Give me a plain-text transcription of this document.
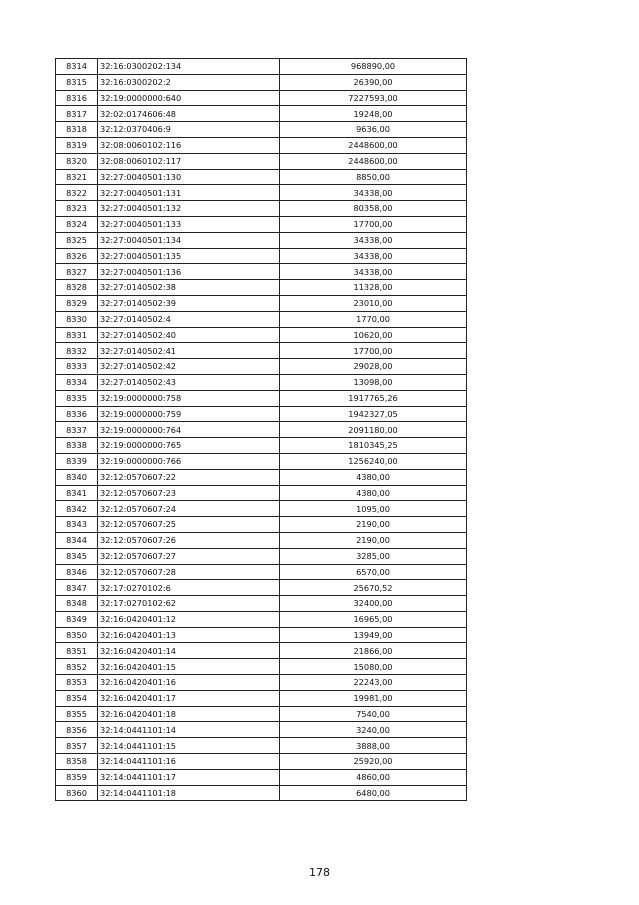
8314	32:16:0300202:134	968890,00
8315	32:16:0300202:2	26390,00
8316	32:19:0000000:640	7227593,00
8317	32:02:0174606:48	19248,00
8318	32:12:0370406:9	9636,00
8319	32:08:0060102:116	2448600,00
8320	32:08:0060102:117	2448600,00
8321	32:27:0040501:130	8850,00
8322	32:27:0040501:131	34338,00
8323	32:27:0040501:132	80358,00
8324	32:27:0040501:133	17700,00
8325	32:27:0040501:134	34338,00
8326	32:27:0040501:135	34338,00
8327	32:27:0040501:136	34338,00
8328	32:27:0140502:38	11328,00
8329	32:27:0140502:39	23010,00
8330	32:27:0140502:4	1770,00
8331	32:27:0140502:40	10620,00
8332	32:27:0140502:41	17700,00
8333	32:27:0140502:42	29028,00
8334	32:27:0140502:43	13098,00
8335	32:19:0000000:758	1917765,26
8336	32:19:0000000:759	1942327,05
8337	32:19:0000000:764	2091180,00
8338	32:19:0000000:765	1810345,25
8339	32:19:0000000:766	1256240,00
8340	32:12:0570607:22	4380,00
8341	32:12:0570607:23	4380,00
8342	32:12:0570607:24	1095,00
8343	32:12:0570607:25	2190,00
8344	32:12:0570607:26	2190,00
8345	32:12:0570607:27	3285,00
8346	32:12:0570607:28	6570,00
8347	32:17:0270102:6	25670,52
8348	32:17:0270102:62	32400,00
8349	32:16:0420401:12	16965,00
8350	32:16:0420401:13	13949,00
8351	32:16:0420401:14	21866,00
8352	32:16:0420401:15	15080,00
8353	32:16:0420401:16	22243,00
8354	32:16:0420401:17	19981,00
8355	32:16:0420401:18	7540,00
8356	32:14:0441101:14	3240,00
8357	32:14:0441101:15	3888,00
8358	32:14:0441101:16	25920,00
8359	32:14:0441101:17	4860,00
8360	32:14:0441101:18	6480,00
178
